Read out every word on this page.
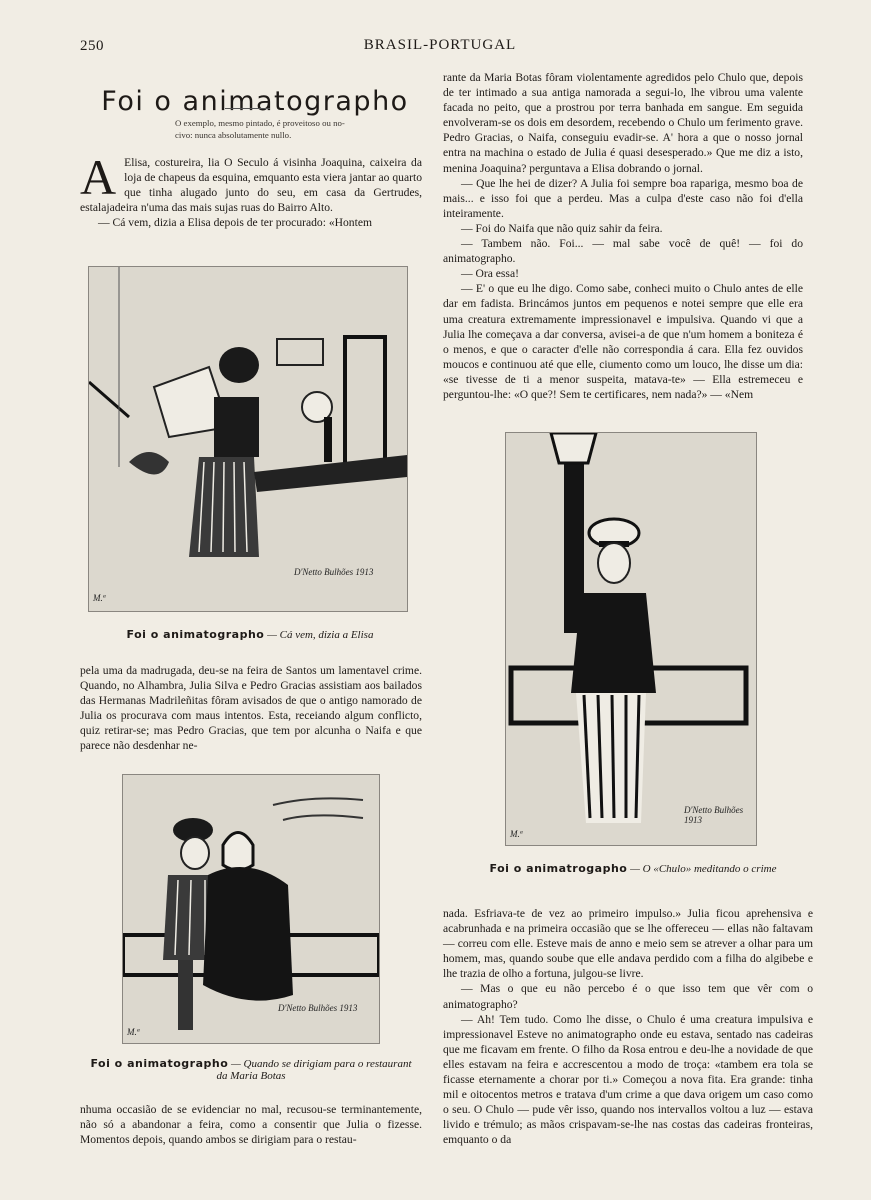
250	BRASIL-PORTUGAL
Foi o animatographo
O exemplo, mesmo pintado, é proveitoso ou no-
civo: nunca absolutamente nullo.

A Elisa, costureira, lia O Seculo á visinha Joaquina, caixeira da loja de chapeus da esquina, emquanto esta viera jantar ao quarto que tinha alugado junto do seu, em casa da Gertrudes, estalajadeira n'uma das mais sujas ruas do Bairro Alto.

— Cá vem, dizia a Elisa depois de ter procurado: «Hontem

D'Netto Bulhões 1913
M.ª
Foi o animatographo — Cá vem, dizia a Elisa

pela uma da madrugada, deu-se na feira de Santos um lamentavel crime. Quando, no Alhambra, Julia Silva e Pedro Gracias assistiam aos bailados das Hermanas Madrileñitas fôram avisados de que o antigo namorado de Julia os procurava com maus intentos. Esta, receiando algum conflicto, quiz retirar-se; mas Pedro Gracias, que tem por alcunha o Naifa e que parece não desdenhar ne-

D'Netto Bulhões 1913
M.ª
Foi o animatographo — Quando se dirigiam para o restaurant
da Maria Botas

nhuma occasião de se evidenciar no mal, recusou-se terminantemente, não só a abandonar a feira, como a consentir que Julia o fizesse. Momentos depois, quando ambos se dirigiam para o restau-

rante da Maria Botas fôram violentamente agredidos pelo Chulo que, depois de ter intimado a sua antiga namorada a segui-lo, lhe vibrou uma valente facada no peito, que a prostrou por terra banhada em sangue. Em seguida envolveram-se os dois em desordem, recebendo o Chulo um ferimento grave. Pedro Gracias, o Naifa, conseguiu evadir-se. A' hora a que o nosso jornal entra na machina o estado de Julia é quasi desesperado.» Que me diz a isto, menina Joaquina? perguntava a Elisa dobrando o jornal.

— Que lhe hei de dizer? A Julia foi sempre boa rapariga, mesmo boa de mais... e isso foi que a perdeu. Mas a culpa d'este caso não foi d'ella inteiramente.

— Foi do Naifa que não quiz sahir da feira.

— Tambem não. Foi... — mal sabe você de quê! — foi do animatographo.

— Ora essa!

— E' o que eu lhe digo. Como sabe, conheci muito o Chulo antes de elle dar em fadista. Brincámos juntos em pequenos e notei sempre que elle era uma creatura extremamente impressionavel e impulsiva. Quando vi que a Julia lhe começava a dar conversa, avisei-a de que n'um homem a boniteza é o menos, e que o caracter d'elle não correspondia á cara. Ella fez ouvidos moucos e continuou até que elle, ciumento como um louco, lhe disse um dia: «se tivesse de ti a menor suspeita, matava-te» — Ella estremeceu e perguntou-lhe: «O que?! Sem te certificares, nem nada?» — «Nem

D'Netto Bulhões 1913
M.ª
Foi o animatrogapho — O «Chulo» meditando o crime

nada. Esfriava-te de vez ao primeiro impulso.» Julia ficou aprehensiva e acabrunhada e na primeira occasião que se lhe offereceu — ellas não faltavam — correu com elle. Esteve mais de anno e meio sem se atrever a olhar para um homem, mas, quando soube que elle andava perdido com a filha do algibebe e lhe trazia de olho a fortuna, julgou-se livre.

— Mas o que eu não percebo é o que isso tem que vêr com o animatographo?

— Ah! Tem tudo. Como lhe disse, o Chulo é uma creatura impulsiva e impressionavel Esteve no animatographo onde eu estava, sentado nas cadeiras que me ficavam em frente. O filho da Rosa entrou e deu-lhe a novidade de que elles estavam na feira e accrescentou a modo de troça: «tambem era tola se ficasse eternamente a chorar por ti.» Começou a nova fita. Era grande: tinha mil e oitocentos metros e tratava d'um crime a que dava origem um caso como o seu. O Chulo — pude vêr isso, quando nos intervallos voltou a luz — estava livido e trémulo; as mãos crispavam-se-lhe nas costas das cadeiras fronteiras, emquanto o da
